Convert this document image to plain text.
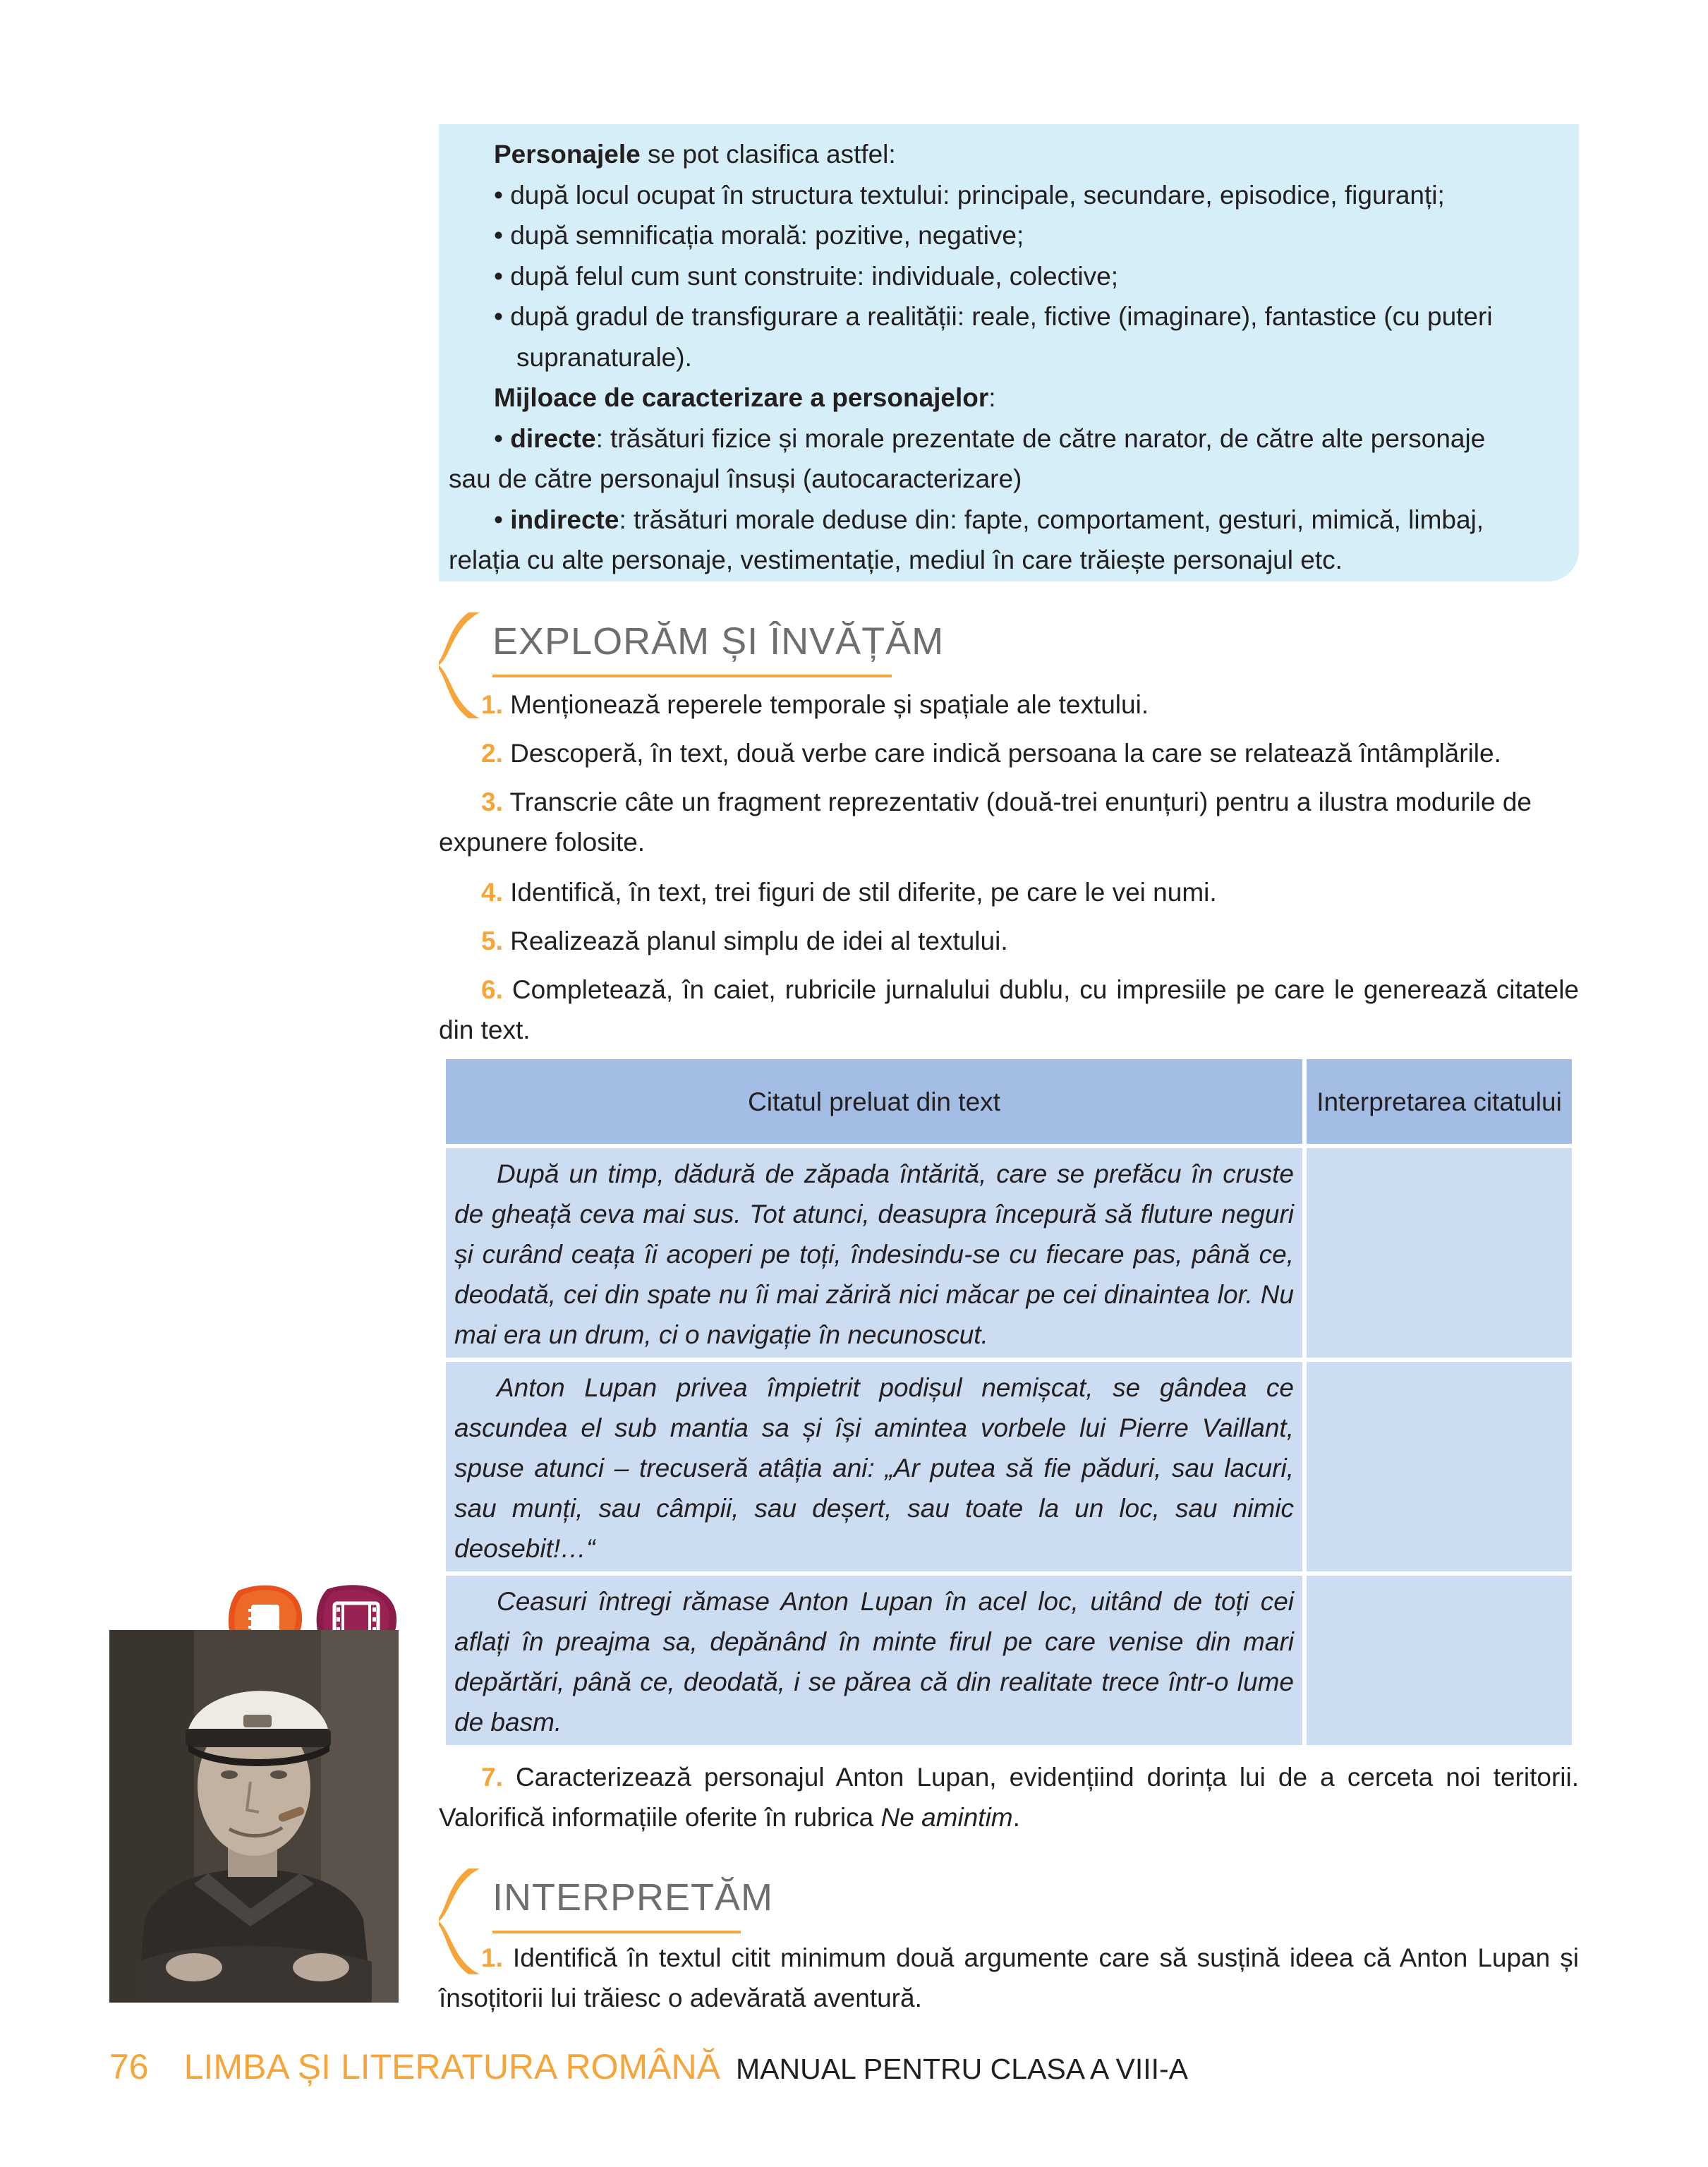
Personajele se pot clasifica astfel:
• după locul ocupat în structura textului: principale, secundare, episodice, figuranți;
• după semnificația morală: pozitive, negative;
• după felul cum sunt construite: individuale, colective;
• după gradul de transfigurare a realității: reale, fictive (imaginare), fantastice (cu puteri
supranaturale).
Mijloace de caracterizare a personajelor:
• directe: trăsături fizice și morale prezentate de către narator, de către alte personaje
sau de către personajul însuși (autocaracterizare)
• indirecte: trăsături morale deduse din: fapte, comportament, gesturi, mimică, limbaj,
relația cu alte personaje, vestimentație, mediul în care trăiește personajul etc.
EXPLORĂM ȘI ÎNVĂȚĂM
1. Menționează reperele temporale și spațiale ale textului.
2. Descoperă, în text, două verbe care indică persoana la care se relatează întâmplările.
3. Transcrie câte un fragment reprezentativ (două-trei enunțuri) pentru a ilustra modurile de expunere folosite.
4. Identifică, în text, trei figuri de stil diferite, pe care le vei numi.
5. Realizează planul simplu de idei al textului.
6. Completează, în caiet, rubricile jurnalului dublu, cu impresiile pe care le generează citatele din text.
Citatul preluat din text	Interpretarea citatului

După un timp, dădură de zăpada întărită, care se prefăcu în cruste de gheață ceva mai sus. Tot atunci, deasupra începură să fluture neguri și curând ceața îi acoperi pe toți, îndesindu-se cu fiecare pas, până ce, deodată, cei din spate nu îi mai zăriră nici măcar pe cei dinaintea lor. Nu mai era un drum, ci o navigație în necunoscut.	

Anton Lupan privea împietrit podișul nemișcat, se gândea ce ascundea el sub mantia sa și își amintea vorbele lui Pierre Vaillant, spuse atunci – trecuseră atâția ani: „Ar putea să fie păduri, sau lacuri, sau munți, sau câmpii, sau deșert, sau toate la un loc, sau nimic deosebit!…“	

Ceasuri întregi rămase Anton Lupan în acel loc, uitând de toți cei aflați în preajma sa, depănând în minte firul pe care venise din mari depărtări, până ce, deodată, i se părea că din realitate trece într-o lume de basm.	

7. Caracterizează personajul Anton Lupan, evidențiind dorința lui de a cerceta noi teritorii. Valorifică informațiile oferite în rubrica Ne amintim.
INTERPRETĂM
1. Identifică în textul citit minimum două argumente care să susțină ideea că Anton Lupan și însoțitorii lui trăiesc o adevărată aventură.
76 LIMBA ȘI LITERATURA ROMÂNĂ MANUAL PENTRU CLASA A VIII-A
